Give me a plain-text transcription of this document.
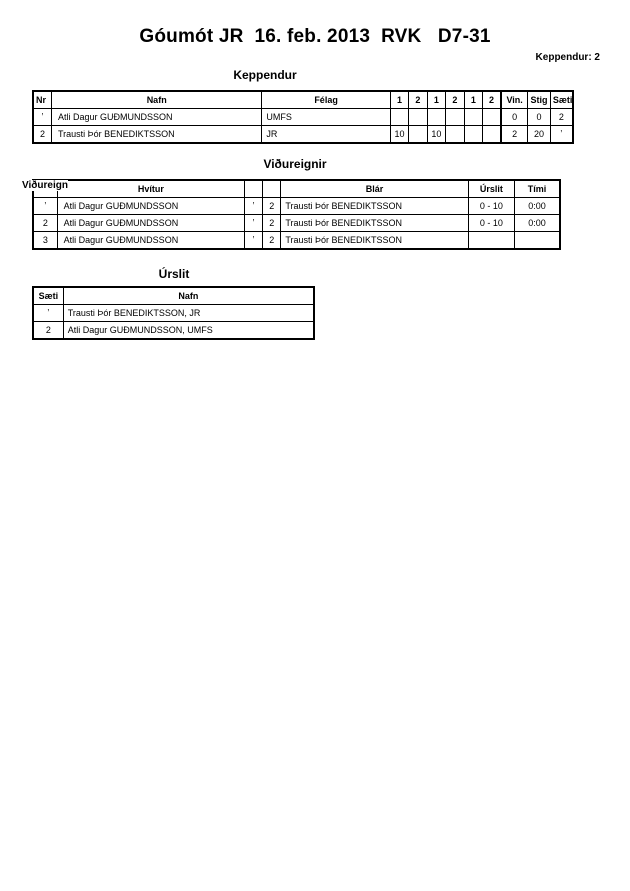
Góumót JR  16. feb. 2013  RVK   D7-31
Keppendur: 2
Keppendur
Nr	Nafn	Félag	1	2	1	2	1	2	Vin.	Stig	Sæti
ʼ	Atli Dagur GUÐMUNDSSON	UMFS							0	0	2
2	Trausti Þór BENEDIKTSSON	JR	10		10				2	20	ʼ
Viðureignir
	Hvítur			Blár	Úrslit	Tími
ʼ	Atli Dagur GUÐMUNDSSON	ʼ	2	Trausti Þór BENEDIKTSSON	0 - 10	0:00
2	Atli Dagur GUÐMUNDSSON	ʼ	2	Trausti Þór BENEDIKTSSON	0 - 10	0:00
3	Atli Dagur GUÐMUNDSSON	ʼ	2	Trausti Þór BENEDIKTSSON		
Viðureign
Úrslit
Sæti	Nafn
ʼ	Trausti Þór BENEDIKTSSON, JR
2	Atli Dagur GUÐMUNDSSON, UMFS
